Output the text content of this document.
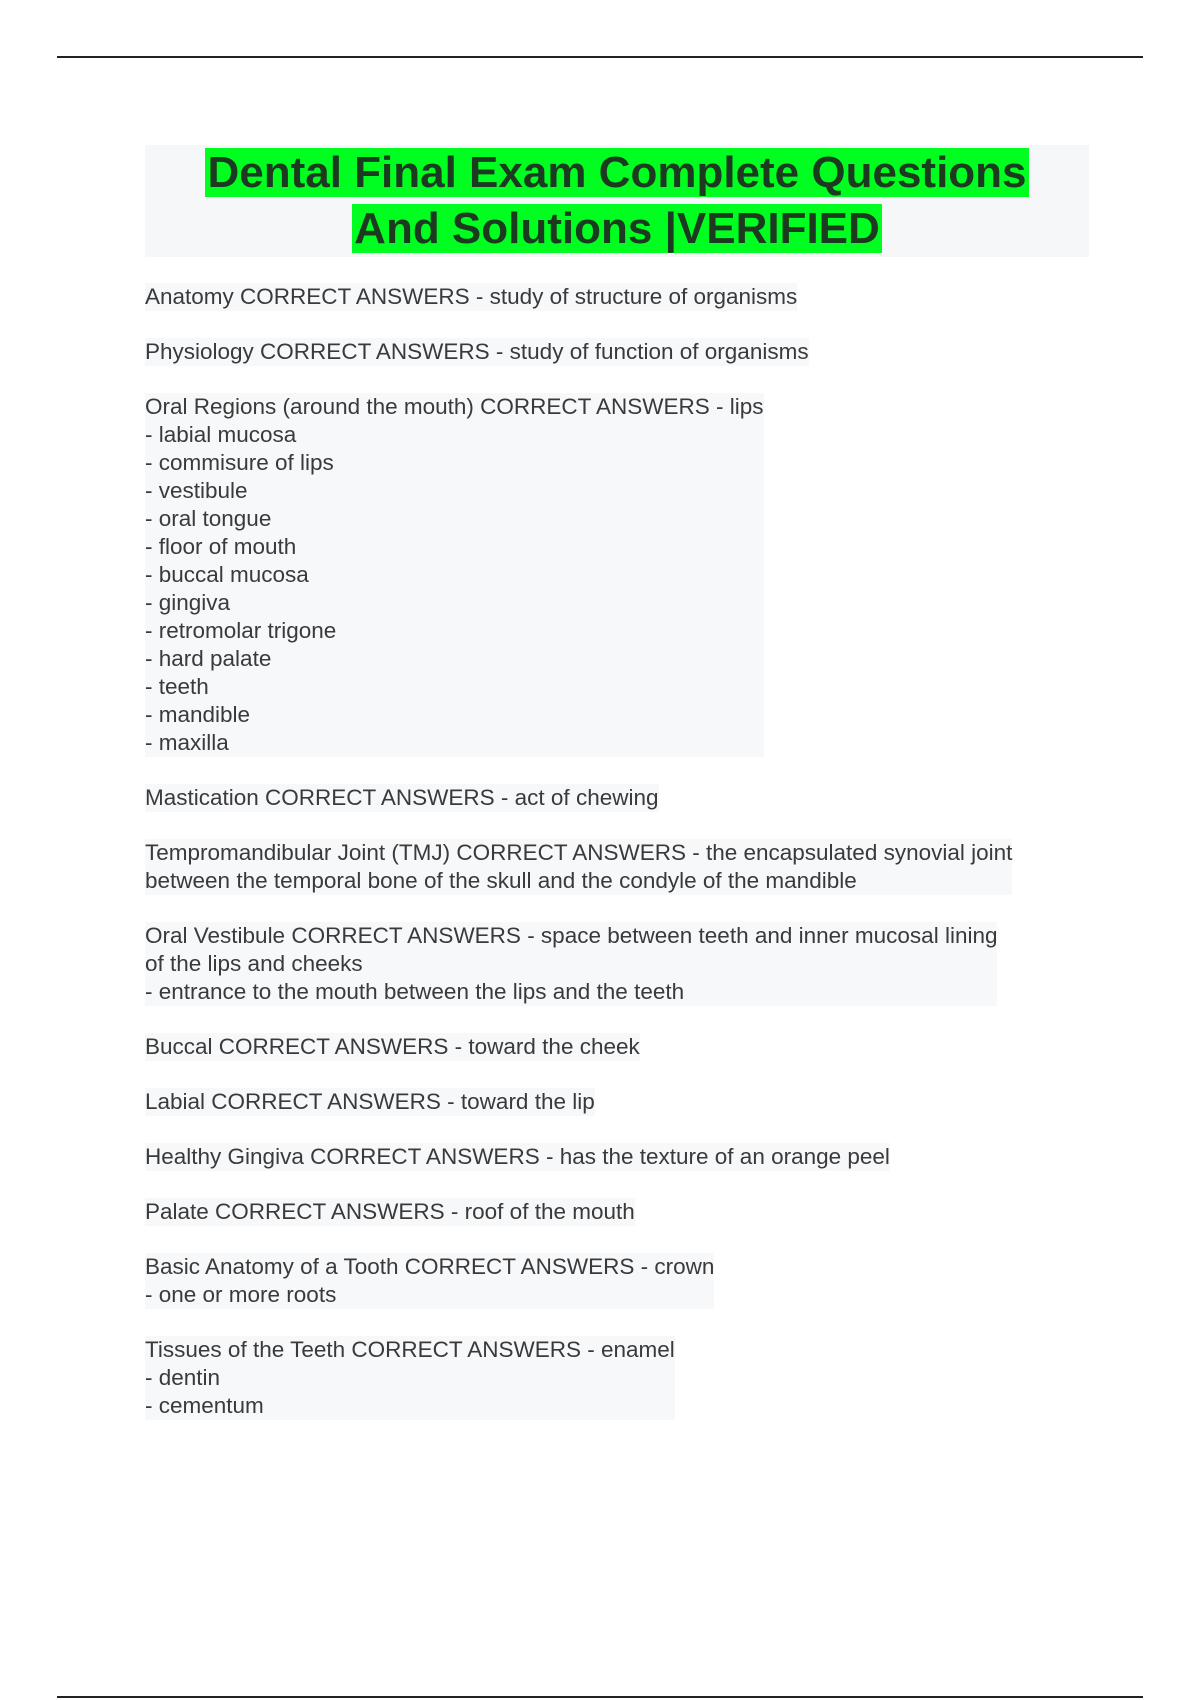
Dental Final Exam Complete Questions
And Solutions |VERIFIED
Anatomy CORRECT ANSWERS - study of structure of organisms
Physiology CORRECT ANSWERS - study of function of organisms
Oral Regions (around the mouth) CORRECT ANSWERS - lips
- labial mucosa
- commisure of lips
- vestibule
- oral tongue
- floor of mouth
- buccal mucosa
- gingiva
- retromolar trigone
- hard palate
- teeth
- mandible
- maxilla
Mastication CORRECT ANSWERS - act of chewing
Tempromandibular Joint (TMJ) CORRECT ANSWERS - the encapsulated synovial joint
between the temporal bone of the skull and the condyle of the mandible
Oral Vestibule CORRECT ANSWERS - space between teeth and inner mucosal lining
of the lips and cheeks
- entrance to the mouth between the lips and the teeth
Buccal CORRECT ANSWERS - toward the cheek
Labial CORRECT ANSWERS - toward the lip
Healthy Gingiva CORRECT ANSWERS - has the texture of an orange peel
Palate CORRECT ANSWERS - roof of the mouth
Basic Anatomy of a Tooth CORRECT ANSWERS - crown
- one or more roots
Tissues of the Teeth CORRECT ANSWERS - enamel
- dentin
- cementum
